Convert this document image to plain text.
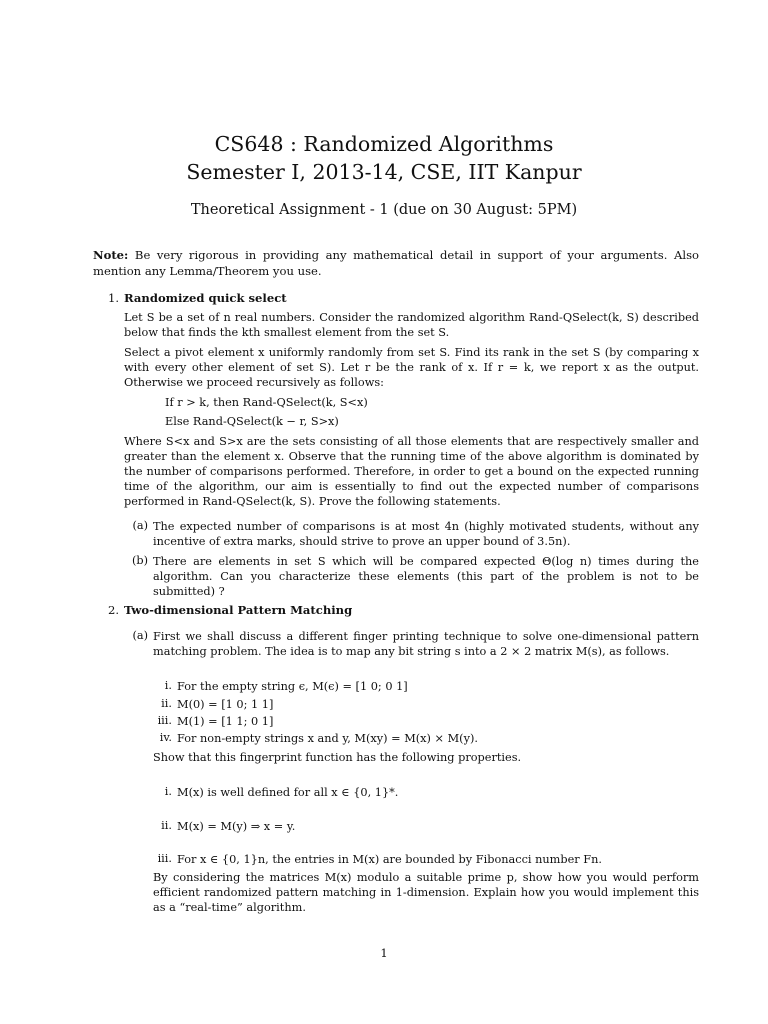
CS648 : Randomized Algorithms
Semester I, 2013-14, CSE, IIT Kanpur
Theoretical Assignment - 1 (due on 30 August: 5PM)
Note: Be very rigorous in providing any mathematical detail in support of your arguments. Also mention any Lemma/Theorem you use.
1. Randomized quick select
Let S be a set of n real numbers. Consider the randomized algorithm Rand-QSelect(k, S) described below that finds the kth smallest element from the set S.
Select a pivot element x uniformly randomly from set S. Find its rank in the set S (by comparing x with every other element of set S). Let r be the rank of x. If r = k, we report x as the output. Otherwise we proceed recursively as follows:
If r > k, then Rand-QSelect(k, S<x)
Else Rand-QSelect(k − r, S>x)
Where S<x and S>x are the sets consisting of all those elements that are respectively smaller and greater than the element x. Observe that the running time of the above algorithm is dominated by the number of comparisons performed. Therefore, in order to get a bound on the expected running time of the algorithm, our aim is essentially to find out the expected number of comparisons performed in Rand-QSelect(k, S). Prove the following statements.
(a) The expected number of comparisons is at most 4n (highly motivated students, without any incentive of extra marks, should strive to prove an upper bound of 3.5n).
(b) There are elements in set S which will be compared expected Θ(log n) times during the algorithm. Can you characterize these elements (this part of the problem is not to be submitted) ?
2. Two-dimensional Pattern Matching
(a) First we shall discuss a different finger printing technique to solve one-dimensional pattern matching problem. The idea is to map any bit string s into a 2 × 2 matrix M(s), as follows.
i. For the empty string ϵ, M(ϵ) = [1 0; 0 1]
ii. M(0) = [1 0; 1 1]
iii. M(1) = [1 1; 0 1]
iv. For non-empty strings x and y, M(xy) = M(x) × M(y).
Show that this fingerprint function has the following properties.
i. M(x) is well defined for all x ∈ {0, 1}*.
ii. M(x) = M(y) ⇒ x = y.
iii. For x ∈ {0, 1}n, the entries in M(x) are bounded by Fibonacci number Fn.
By considering the matrices M(x) modulo a suitable prime p, show how you would perform efficient randomized pattern matching in 1-dimension. Explain how you would implement this as a “real-time” algorithm.
1
